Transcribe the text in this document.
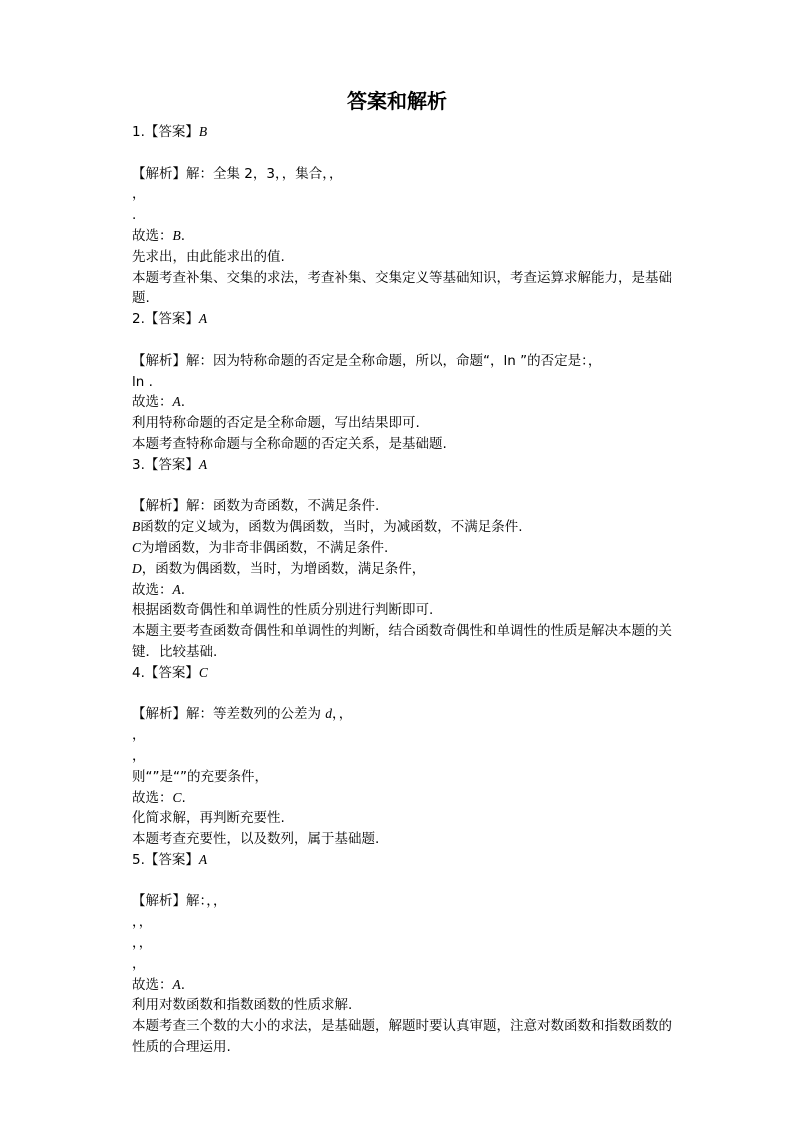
答案和解析
1.【答案】B
【解析】解：全集 2，3，，集合，，
，
.
故选：B.
先求出，由此能求出的值.
本题考查补集、交集的求法，考查补集、交集定义等基础知识，考查运算求解能力，是基础题.
2.【答案】A
【解析】解：因为特称命题的否定是全称命题，所以，命题“，ln ”的否定是：，
ln .
故选：A.
利用特称命题的否定是全称命题，写出结果即可.
本题考查特称命题与全称命题的否定关系，是基础题.
3.【答案】A
【解析】解：函数为奇函数，不满足条件.
B函数的定义域为，函数为偶函数，当时，为减函数，不满足条件.
C为增函数，为非奇非偶函数，不满足条件.
D，函数为偶函数，当时，为增函数，满足条件，
故选：A.
根据函数奇偶性和单调性的性质分别进行判断即可.
本题主要考查函数奇偶性和单调性的判断，结合函数奇偶性和单调性的性质是解决本题的关键．比较基础.
4.【答案】C
【解析】解：等差数列的公差为 d，，
，
，
则“”是“”的充要条件，
故选：C.
化简求解，再判断充要性.
本题考查充要性，以及数列，属于基础题.
5.【答案】A
【解析】解：，，
，，
，，
，
故选：A.
利用对数函数和指数函数的性质求解.
本题考查三个数的大小的求法，是基础题，解题时要认真审题，注意对数函数和指数函数的性质的合理运用.
